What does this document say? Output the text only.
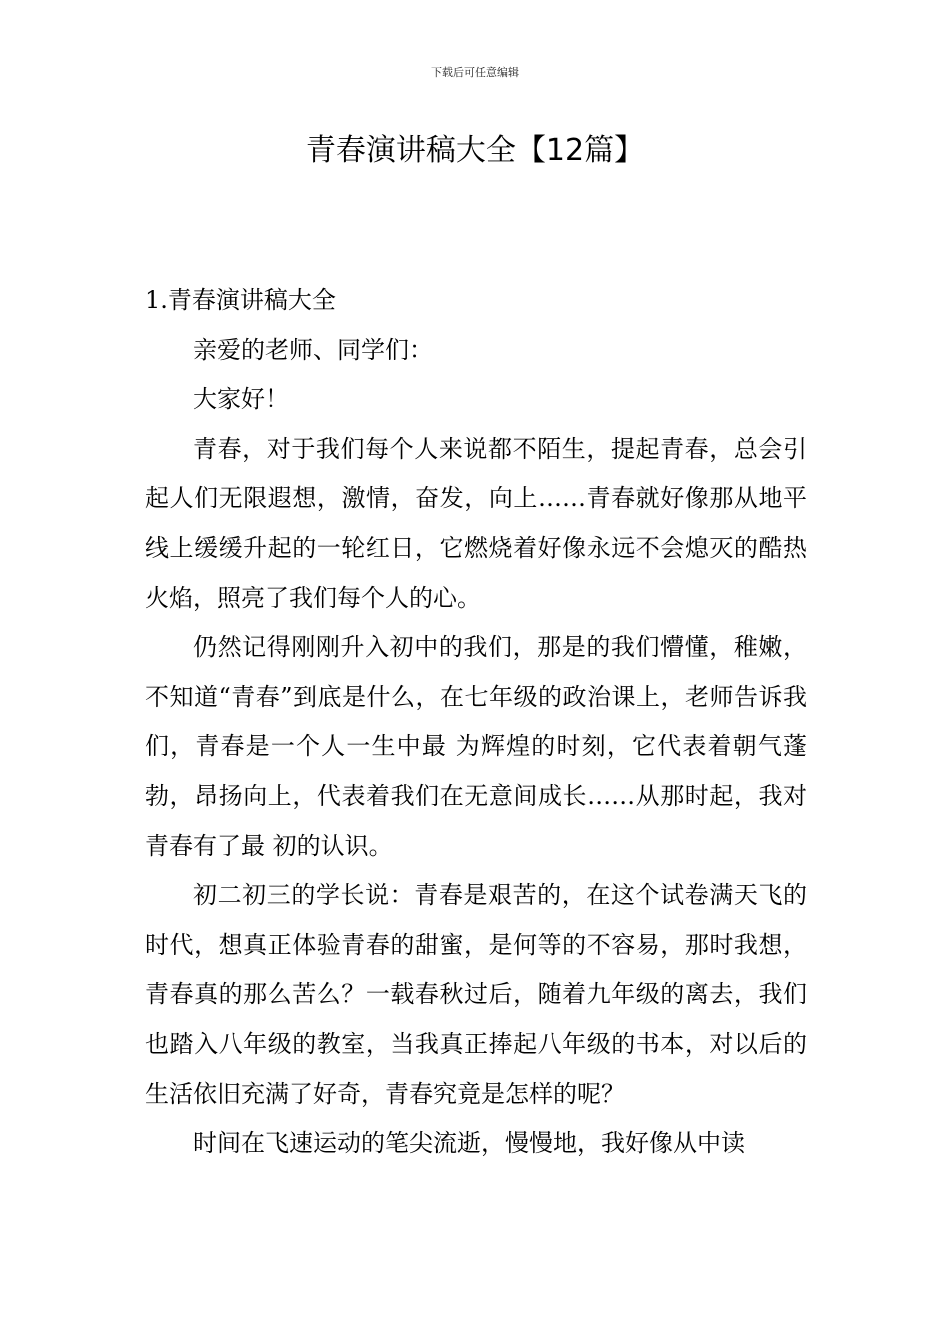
下载后可任意编辑
青春演讲稿大全【12篇】
1.青春演讲稿大全

亲爱的老师、同学们：

大家好！

青春，对于我们每个人来说都不陌生，提起青春，总会引起人们无限遐想，激情，奋发，向上……青春就好像那从地平线上缓缓升起的一轮红日，它燃烧着好像永远不会熄灭的酷热火焰，照亮了我们每个人的心。

仍然记得刚刚升入初中的我们，那是的我们懵懂，稚嫩，不知道“青春”到底是什么，在七年级的政治课上，老师告诉我们，青春是一个人一生中最 为辉煌的时刻，它代表着朝气蓬勃，昂扬向上，代表着我们在无意间成长……从那时起，我对青春有了最 初的认识。

初二初三的学长说：青春是艰苦的，在这个试卷满天飞的时代，想真正体验青春的甜蜜，是何等的不容易，那时我想，青春真的那么苦么？一载春秋过后，随着九年级的离去，我们也踏入八年级的教室，当我真正捧起八年级的书本，对以后的生活依旧充满了好奇，青春究竟是怎样的呢？

时间在飞速运动的笔尖流逝，慢慢地，我好像从中读
